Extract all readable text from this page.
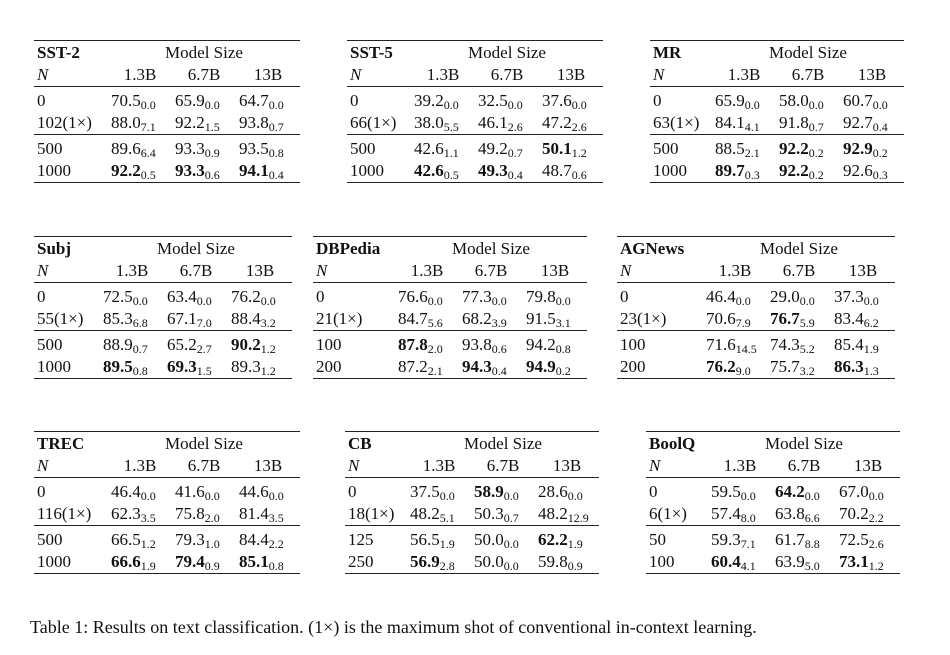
SST-2	Model Size		
N	1.3B	6.7B	13B
0	$70.5_{0.0}$	$65.9_{0.0}$	$64.7_{0.0}$
102(1×)	$88.0_{7.1}$	$92.2_{1.5}$	$93.8_{0.7}$
500	$89.6_{6.4}$	$93.3_{0.9}$	$93.5_{0.8}$
1000	$92.2_{0.5}$	$93.3_{0.6}$	$94.1_{0.4}$
SST-5	Model Size		
N	1.3B	6.7B	13B
0	$39.2_{0.0}$	$32.5_{0.0}$	$37.6_{0.0}$
66(1×)	$38.0_{5.5}$	$46.1_{2.6}$	$47.2_{2.6}$
500	$42.6_{1.1}$	$49.2_{0.7}$	$50.1_{1.2}$
1000	$42.6_{0.5}$	$49.3_{0.4}$	$48.7_{0.6}$
MR	Model Size		
N	1.3B	6.7B	13B
0	$65.9_{0.0}$	$58.0_{0.0}$	$60.7_{0.0}$
63(1×)	$84.1_{4.1}$	$91.8_{0.7}$	$92.7_{0.4}$
500	$88.5_{2.1}$	$92.2_{0.2}$	$92.9_{0.2}$
1000	$89.7_{0.3}$	$92.2_{0.2}$	$92.6_{0.3}$
Subj	Model Size		
N	1.3B	6.7B	13B
0	$72.5_{0.0}$	$63.4_{0.0}$	$76.2_{0.0}$
55(1×)	$85.3_{6.8}$	$67.1_{7.0}$	$88.4_{3.2}$
500	$88.9_{0.7}$	$65.2_{2.7}$	$90.2_{1.2}$
1000	$89.5_{0.8}$	$69.3_{1.5}$	$89.3_{1.2}$
DBPedia	Model Size		
N	1.3B	6.7B	13B
0	$76.6_{0.0}$	$77.3_{0.0}$	$79.8_{0.0}$
21(1×)	$84.7_{5.6}$	$68.2_{3.9}$	$91.5_{3.1}$
100	$87.8_{2.0}$	$93.8_{0.6}$	$94.2_{0.8}$
200	$87.2_{2.1}$	$94.3_{0.4}$	$94.9_{0.2}$
AGNews	Model Size		
N	1.3B	6.7B	13B
0	$46.4_{0.0}$	$29.0_{0.0}$	$37.3_{0.0}$
23(1×)	$70.6_{7.9}$	$76.7_{5.9}$	$83.4_{6.2}$
100	$71.6_{14.5}$	$74.3_{5.2}$	$85.4_{1.9}$
200	$76.2_{9.0}$	$75.7_{3.2}$	$86.3_{1.3}$
TREC	Model Size		
N	1.3B	6.7B	13B
0	$46.4_{0.0}$	$41.6_{0.0}$	$44.6_{0.0}$
116(1×)	$62.3_{3.5}$	$75.8_{2.0}$	$81.4_{3.5}$
500	$66.5_{1.2}$	$79.3_{1.0}$	$84.4_{2.2}$
1000	$66.6_{1.9}$	$79.4_{0.9}$	$85.1_{0.8}$
CB	Model Size		
N	1.3B	6.7B	13B
0	$37.5_{0.0}$	$58.9_{0.0}$	$28.6_{0.0}$
18(1×)	$48.2_{5.1}$	$50.3_{0.7}$	$48.2_{12.9}$
125	$56.5_{1.9}$	$50.0_{0.0}$	$62.2_{1.9}$
250	$56.9_{2.8}$	$50.0_{0.0}$	$59.8_{0.9}$
BoolQ	Model Size		
N	1.3B	6.7B	13B
0	$59.5_{0.0}$	$64.2_{0.0}$	$67.0_{0.0}$
6(1×)	$57.4_{8.0}$	$63.8_{6.6}$	$70.2_{2.2}$
50	$59.3_{7.1}$	$61.7_{8.8}$	$72.5_{2.6}$
100	$60.4_{4.1}$	$63.9_{5.0}$	$73.1_{1.2}$
Table 1: Results on text classification. (1×) is the maximum shot of conventional in-context learning.
